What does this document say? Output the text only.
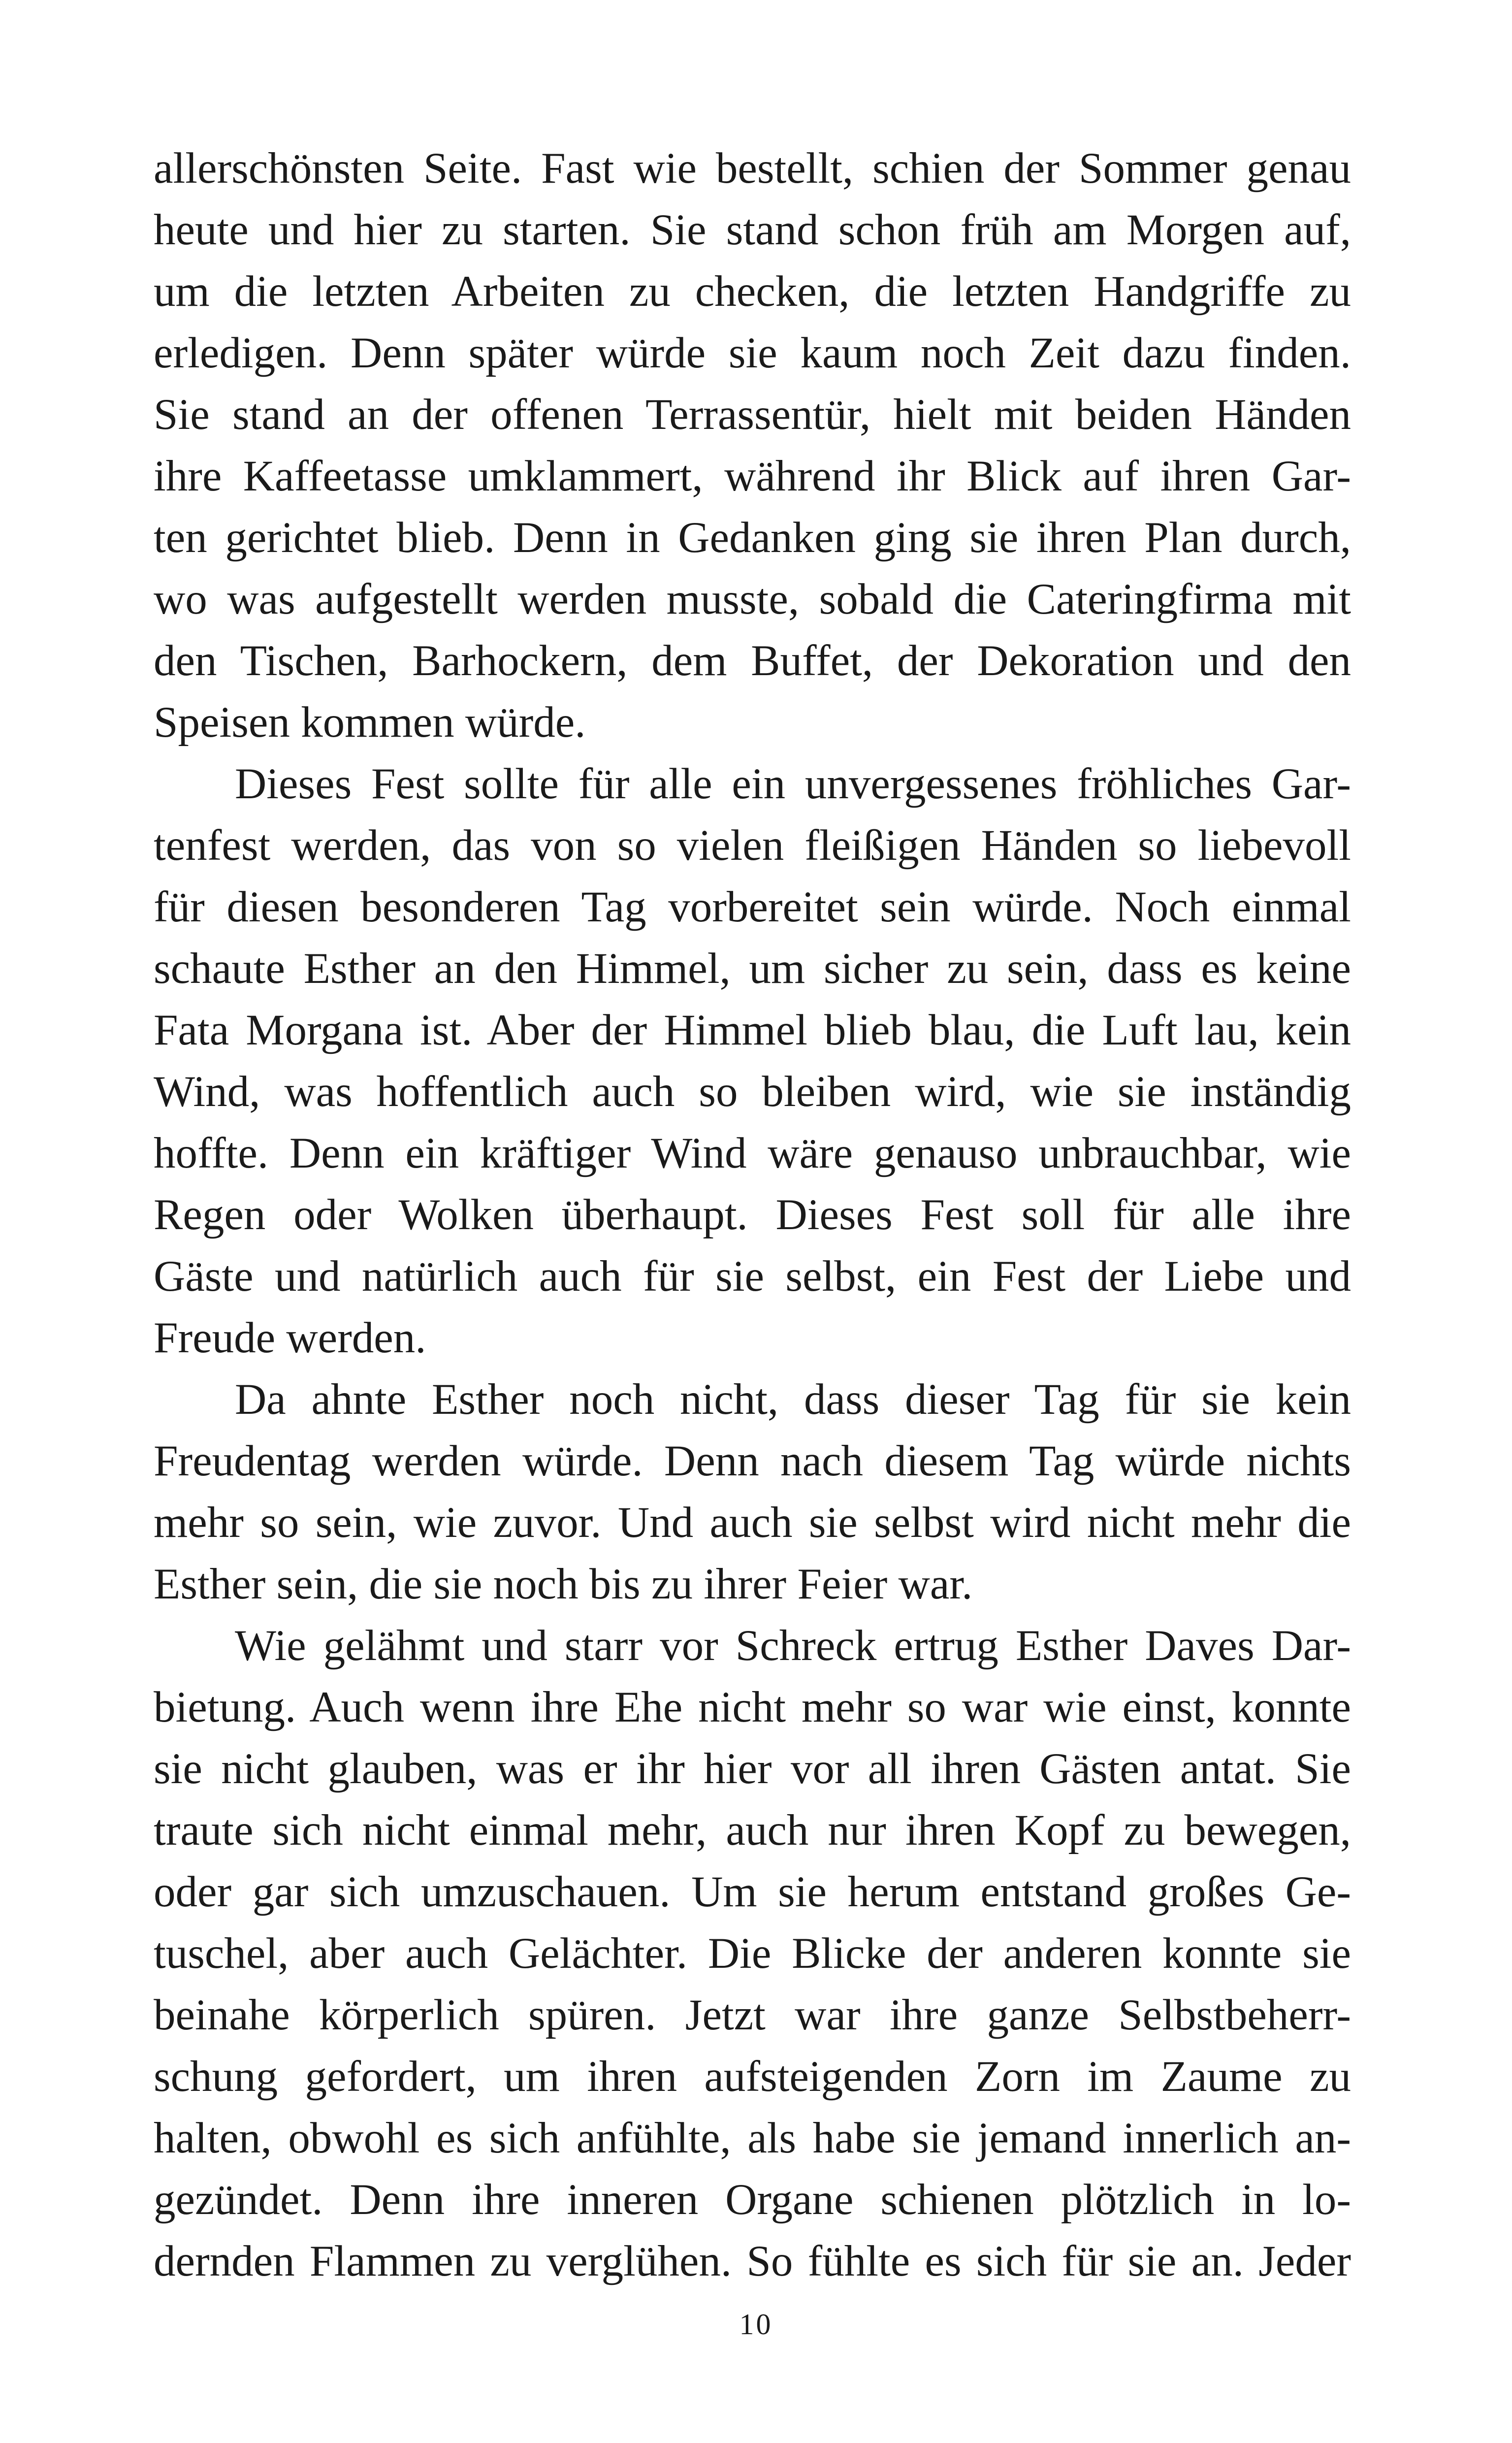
allerschönsten Seite. Fast wie bestellt, schien der Sommer genau
heute und hier zu starten. Sie stand schon früh am Morgen auf,
um die letzten Arbeiten zu checken, die letzten Handgriffe zu
erledigen. Denn später würde sie kaum noch Zeit dazu finden.
Sie stand an der offenen Terrassentür, hielt mit beiden Händen
ihre Kaffeetasse umklammert, während ihr Blick auf ihren Gar-
ten gerichtet blieb. Denn in Gedanken ging sie ihren Plan durch,
wo was aufgestellt werden musste, sobald die Cateringfirma mit
den Tischen, Barhockern, dem Buffet, der Dekoration und den
Speisen kommen würde.
Dieses Fest sollte für alle ein unvergessenes fröhliches Gar-
tenfest werden, das von so vielen fleißigen Händen so liebevoll
für diesen besonderen Tag vorbereitet sein würde. Noch einmal
schaute Esther an den Himmel, um sicher zu sein, dass es keine
Fata Morgana ist. Aber der Himmel blieb blau, die Luft lau, kein
Wind, was hoffentlich auch so bleiben wird, wie sie inständig
hoffte. Denn ein kräftiger Wind wäre genauso unbrauchbar, wie
Regen oder Wolken überhaupt. Dieses Fest soll für alle ihre
Gäste und natürlich auch für sie selbst, ein Fest der Liebe und
Freude werden.
Da ahnte Esther noch nicht, dass dieser Tag für sie kein
Freudentag werden würde. Denn nach diesem Tag würde nichts
mehr so sein, wie zuvor. Und auch sie selbst wird nicht mehr die
Esther sein, die sie noch bis zu ihrer Feier war.
Wie gelähmt und starr vor Schreck ertrug Esther Daves Dar-
bietung. Auch wenn ihre Ehe nicht mehr so war wie einst, konnte
sie nicht glauben, was er ihr hier vor all ihren Gästen antat. Sie
traute sich nicht einmal mehr, auch nur ihren Kopf zu bewegen,
oder gar sich umzuschauen. Um sie herum entstand großes Ge-
tuschel, aber auch Gelächter. Die Blicke der anderen konnte sie
beinahe körperlich spüren. Jetzt war ihre ganze Selbstbeherr-
schung gefordert, um ihren aufsteigenden Zorn im Zaume zu
halten, obwohl es sich anfühlte, als habe sie jemand innerlich an-
gezündet. Denn ihre inneren Organe schienen plötzlich in lo-
dernden Flammen zu verglühen. So fühlte es sich für sie an. Jeder
10
